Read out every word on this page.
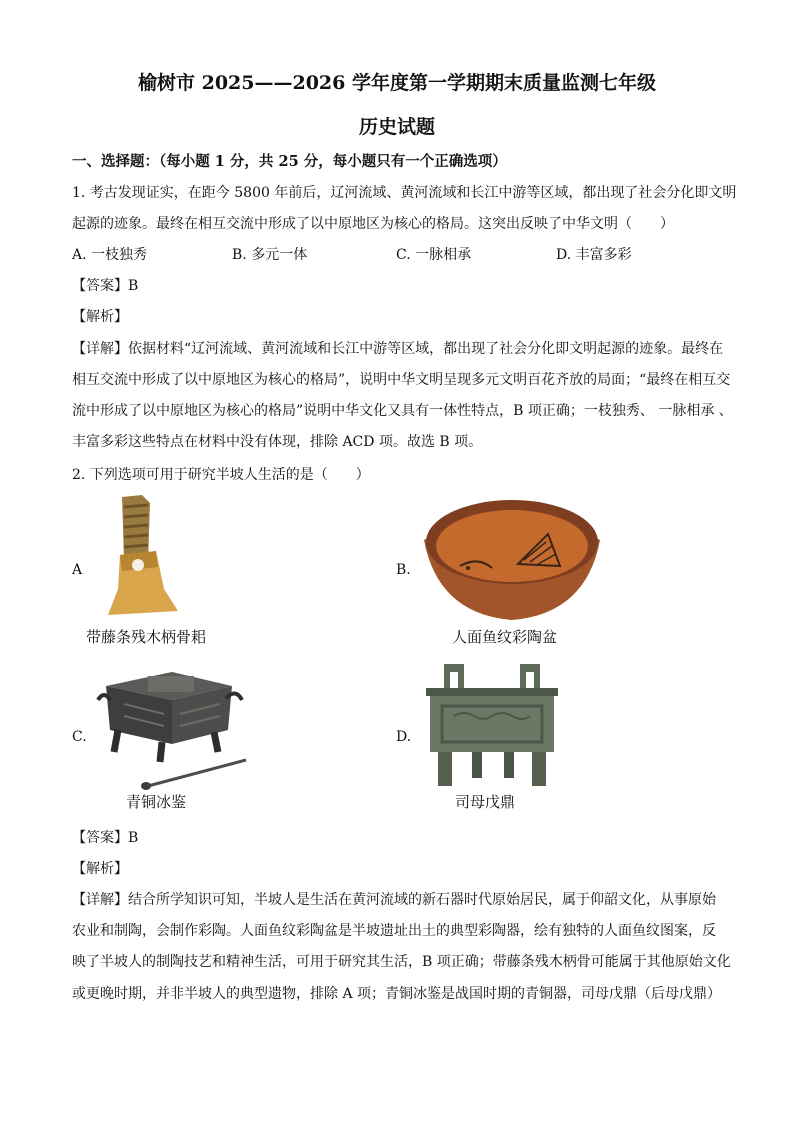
榆树市 2025——2026 学年度第一学期期末质量监测七年级
历史试题
一、选择题：（每小题 1 分，共 25 分，每小题只有一个正确选项）
1. 考古发现证实，在距今 5800 年前后，辽河流域、黄河流域和长江中游等区域，都出现了社会分化即文明
起源的迹象。最终在相互交流中形成了以中原地区为核心的格局。这突出反映了中华文明（　　）
A. 一枝独秀	B. 多元一体	C. 一脉相承	D. 丰富多彩
【答案】B
【解析】
【详解】依据材料“辽河流域、黄河流域和长江中游等区域，都出现了社会分化即文明起源的迹象。最终在
相互交流中形成了以中原地区为核心的格局”，说明中华文明呈现多元文明百花齐放的局面；“最终在相互交
流中形成了以中原地区为核心的格局”说明中华文化又具有一体性特点，B 项正确；一枝独秀、 一脉相承 、
丰富多彩这些特点在材料中没有体现，排除 ACD 项。故选 B 项。
2. 下列选项可用于研究半坡人生活的是（　　）
A
带藤条残木柄骨耜
B.
人面鱼纹彩陶盆
C.
青铜冰鉴
D.
司母戊鼎
【答案】B
【解析】
【详解】结合所学知识可知，半坡人是生活在黄河流域的新石器时代原始居民，属于仰韶文化，从事原始
农业和制陶，会制作彩陶。人面鱼纹彩陶盆是半坡遗址出土的典型彩陶器，绘有独特的人面鱼纹图案，反
映了半坡人的制陶技艺和精神生活，可用于研究其生活，B 项正确；带藤条残木柄骨可能属于其他原始文化
或更晚时期，并非半坡人的典型遗物，排除 A 项；青铜冰鉴是战国时期的青铜器，司母戊鼎（后母戊鼎）
